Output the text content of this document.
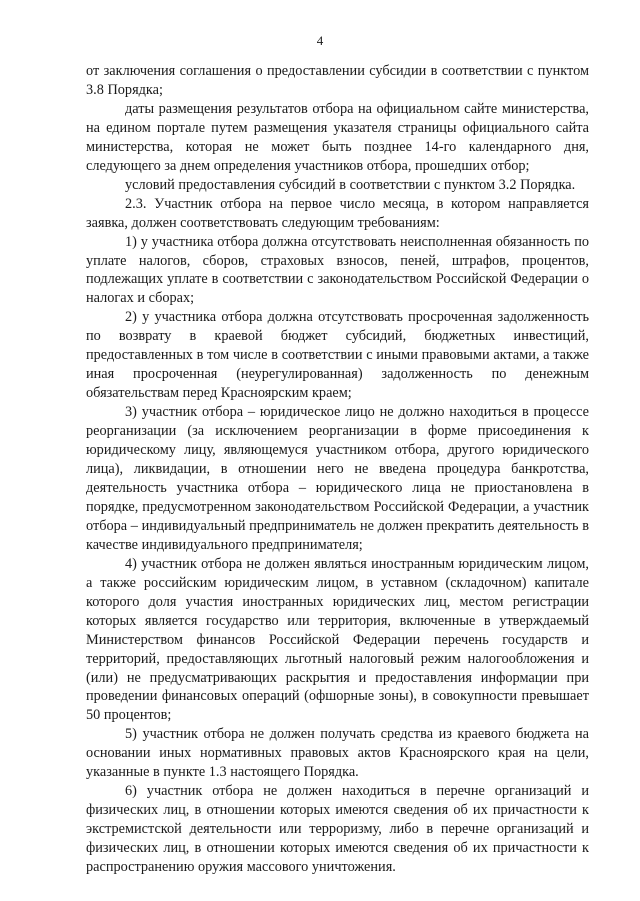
4

от заключения соглашения о предоставлении субсидии в соответствии с пунктом 3.8 Порядка;

даты размещения результатов отбора на официальном сайте министерства, на едином портале путем размещения указателя страницы официального сайта министерства, которая не может быть позднее 14-го календарного дня, следующего за днем определения участников отбора, прошедших отбор;

условий предоставления субсидий в соответствии с пунктом 3.2 Порядка.

2.3. Участник отбора на первое число месяца, в котором направляется заявка, должен соответствовать следующим требованиям:

1) у участника отбора должна отсутствовать неисполненная обязанность по уплате налогов, сборов, страховых взносов, пеней, штрафов, процентов, подлежащих уплате в соответствии с законодательством Российской Федерации о налогах и сборах;

2) у участника отбора должна отсутствовать просроченная задолженность по возврату в краевой бюджет субсидий, бюджетных инвестиций, предоставленных в том числе в соответствии с иными правовыми актами, а также иная просроченная (неурегулированная) задолженность по денежным обязательствам перед Красноярским краем;

3) участник отбора – юридическое лицо не должно находиться в процессе реорганизации (за исключением реорганизации в форме присоединения к юридическому лицу, являющемуся участником отбора, другого юридического лица), ликвидации, в отношении него не введена процедура банкротства, деятельность участника отбора – юридического лица не приостановлена в порядке, предусмотренном законодательством Российской Федерации, а участник отбора – индивидуальный предприниматель не должен прекратить деятельность в качестве индивидуального предпринимателя;

4) участник отбора не должен являться иностранным юридическим лицом, а также российским юридическим лицом, в уставном (складочном) капитале которого доля участия иностранных юридических лиц, местом регистрации которых является государство или территория, включенные в утверждаемый Министерством финансов Российской Федерации перечень государств и территорий, предоставляющих льготный налоговый режим налогообложения и (или) не предусматривающих раскрытия и предоставления информации при проведении финансовых операций (офшорные зоны), в совокупности превышает 50 процентов;

5) участник отбора не должен получать средства из краевого бюджета на основании иных нормативных правовых актов Красноярского края на цели, указанные в пункте 1.3 настоящего Порядка.

6) участник отбора не должен находиться в перечне организаций и физических лиц, в отношении которых имеются сведения об их причастности к экстремистской деятельности или терроризму, либо в перечне организаций и физических лиц, в отношении которых имеются сведения об их причастности к распространению оружия массового уничтожения.
